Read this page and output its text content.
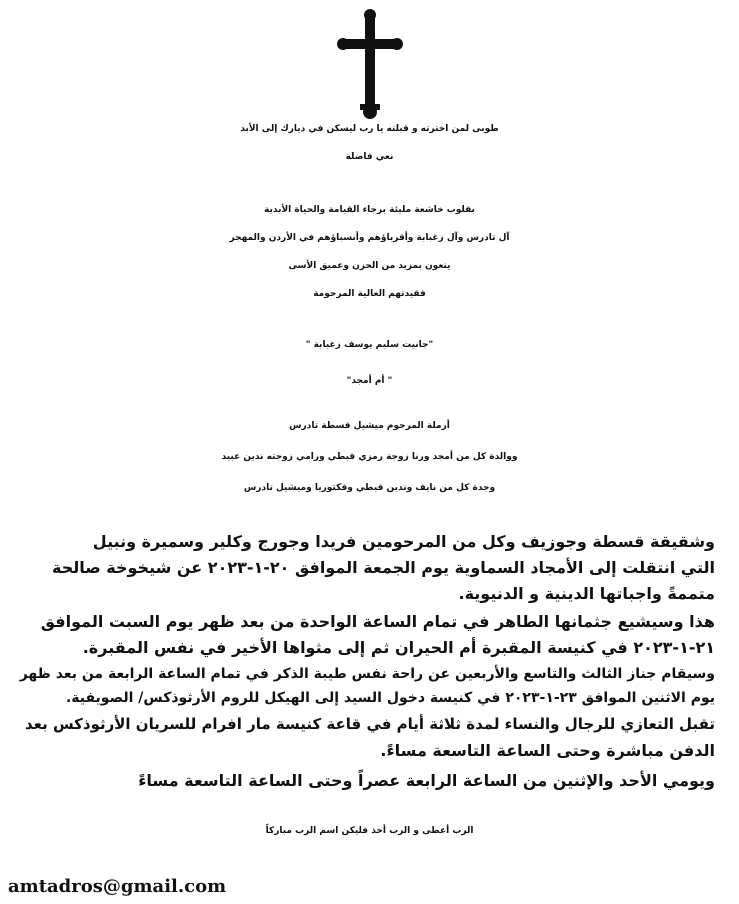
طوبى لمن اخترته و قبلته يا رب ليسكن في ديارك إلى الأبد
نعي فاضلة
بقلوب خاشعة مليئة برجاء القيامة والحياة الأبدية
آل تادرس وآل زغبابة وأقرباؤهم وأنسباؤهم في الأردن والمهجر
ينعون بمزيد من الحزن وعميق الأسى
فقيدتهم الغالية المرحومة
"جانيت سليم يوسف زغبابة "
" أم أمجد"
أرملة المرحوم ميشيل قسطة تادرس
ووالدة كل من أمجد ورنا زوجة رمزي قبطي ورامي زوجته ندين عبيد
وجدة كل من نايف وندين قبطي وفكتوريا وميشيل تادرس
وشقيقة قسطة وجوزيف وكل من المرحومين فريدا وجورج وكلير وسميرة ونبيل
التي انتقلت إلى الأمجاد السماوية يوم الجمعة الموافق ٢٠-١-٢٠٢٣ عن شيخوخة صالحة
متممةً واجباتها الدينية و الدنيوية.
هذا وسيشيع جثمانها الطاهر في تمام الساعة الواحدة من بعد ظهر يوم السبت الموافق
٢١-١-٢٠٢٣ في كنيسة المقبرة أم الحيران ثم إلى مثواها الأخير في نفس المقبرة.
وسيقام جناز الثالث والتاسع والأربعين عن راحة نفس طيبة الذكر في تمام الساعة الرابعة من بعد ظهر
يوم الاثنين الموافق ٢٣-١-٢٠٢٣ في كنيسة دخول السيد إلى الهيكل للروم الأرثوذكس/ الصويفية.
تقبل التعازي للرجال والنساء لمدة ثلاثة أيام في قاعة كنيسة مار افرام للسريان الأرثوذكس بعد
الدفن مباشرة وحتى الساعة التاسعة مساءً.
ويومي الأحد والإثنين من الساعة الرابعة عصراً وحتى الساعة التاسعة مساءً
الرب أعطى و الرب أخذ فليكن اسم الرب مباركاً
amtadros@gmail.com
